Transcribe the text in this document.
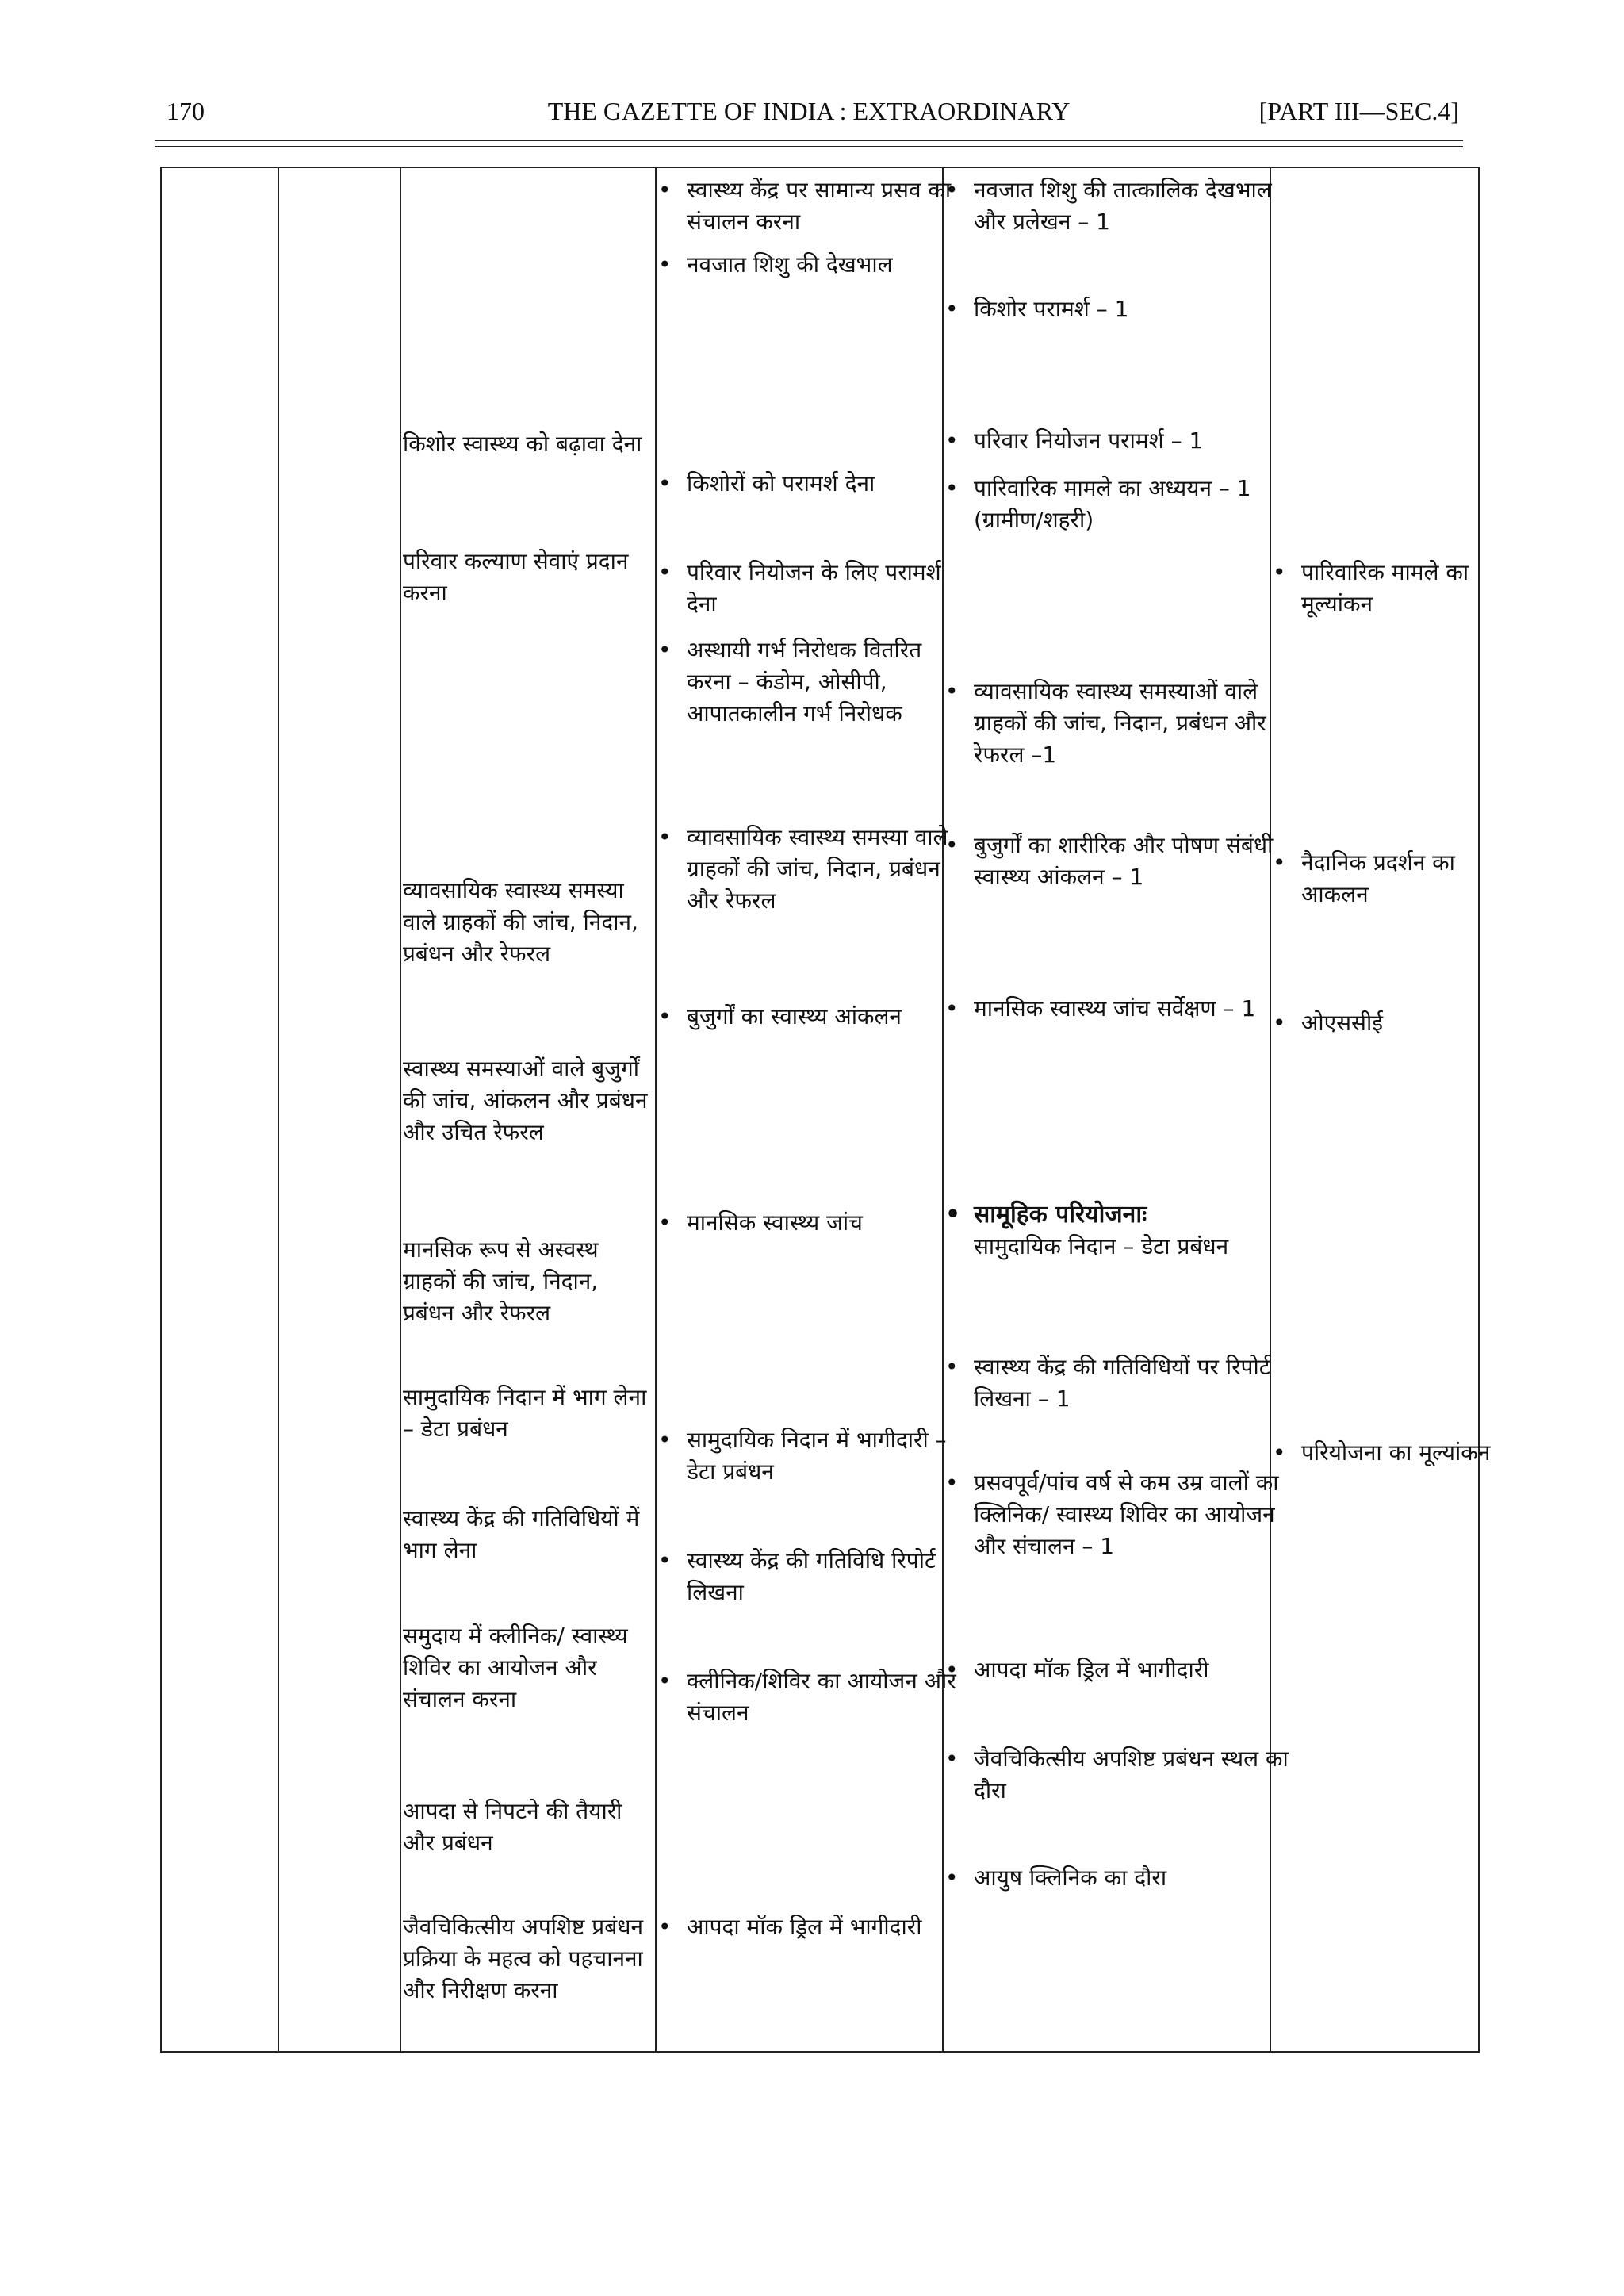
170	THE GAZETTE OF INDIA : EXTRAORDINARY	[PART III—SEC.4]
किशोर स्वास्थ्य को बढ़ावा देना
परिवार कल्याण सेवाएं प्रदान करना
व्यावसायिक स्वास्थ्य समस्या वाले ग्राहकों की जांच, निदान, प्रबंधन और रेफरल
स्वास्थ्य समस्याओं वाले बुजुर्गों की जांच, आंकलन और प्रबंधन और उचित रेफरल
मानसिक रूप से अस्वस्थ ग्राहकों की जांच, निदान, प्रबंधन और रेफरल
सामुदायिक निदान में भाग लेना – डेटा प्रबंधन
स्वास्थ्य केंद्र की गतिविधियों में भाग लेना
समुदाय में क्लीनिक/ स्वास्थ्य शिविर का आयोजन और संचालन करना
आपदा से निपटने की तैयारी और प्रबंधन
जैवचिकित्सीय अपशिष्ट प्रबंधन प्रक्रिया के महत्व को पहचानना और निरीक्षण करना
• स्वास्थ्य केंद्र पर सामान्य प्रसव का संचालन करना
• नवजात शिशु की देखभाल
• किशोरों को परामर्श देना
• परिवार नियोजन के लिए परामर्श देना
• अस्थायी गर्भ निरोधक वितरित करना – कंडोम, ओसीपी, आपातकालीन गर्भ निरोधक
• व्यावसायिक स्वास्थ्य समस्या वाले ग्राहकों की जांच, निदान, प्रबंधन और रेफरल
• बुजुर्गों का स्वास्थ्य आंकलन
• मानसिक स्वास्थ्य जांच
• सामुदायिक निदान में भागीदारी – डेटा प्रबंधन
• स्वास्थ्य केंद्र की गतिविधि रिपोर्ट लिखना
• क्लीनिक/शिविर का आयोजन और संचालन
• आपदा मॉक ड्रिल में भागीदारी
• नवजात शिशु की तात्कालिक देखभाल और प्रलेखन – 1
• किशोर परामर्श – 1
• परिवार नियोजन परामर्श – 1
• पारिवारिक मामले का अध्ययन – 1 (ग्रामीण/शहरी)
• व्यावसायिक स्वास्थ्य समस्याओं वाले ग्राहकों की जांच, निदान, प्रबंधन और रेफरल –1
• बुजुर्गों का शारीरिक और पोषण संबंधी स्वास्थ्य आंकलन – 1
• मानसिक स्वास्थ्य जांच सर्वेक्षण – 1
• सामूहिक परियोजनाः
सामुदायिक निदान – डेटा प्रबंधन
• स्वास्थ्य केंद्र की गतिविधियों पर रिपोर्ट लिखना – 1
• प्रसवपूर्व/पांच वर्ष से कम उम्र वालों का क्लिनिक/ स्वास्थ्य शिविर का आयोजन और संचालन – 1
• आपदा मॉक ड्रिल में भागीदारी
• जैवचिकित्सीय अपशिष्ट प्रबंधन स्थल का दौरा
• आयुष क्लिनिक का दौरा
• पारिवारिक मामले का मूल्यांकन
• नैदानिक प्रदर्शन का आकलन
• ओएससीई
• परियोजना का मूल्यांकन
